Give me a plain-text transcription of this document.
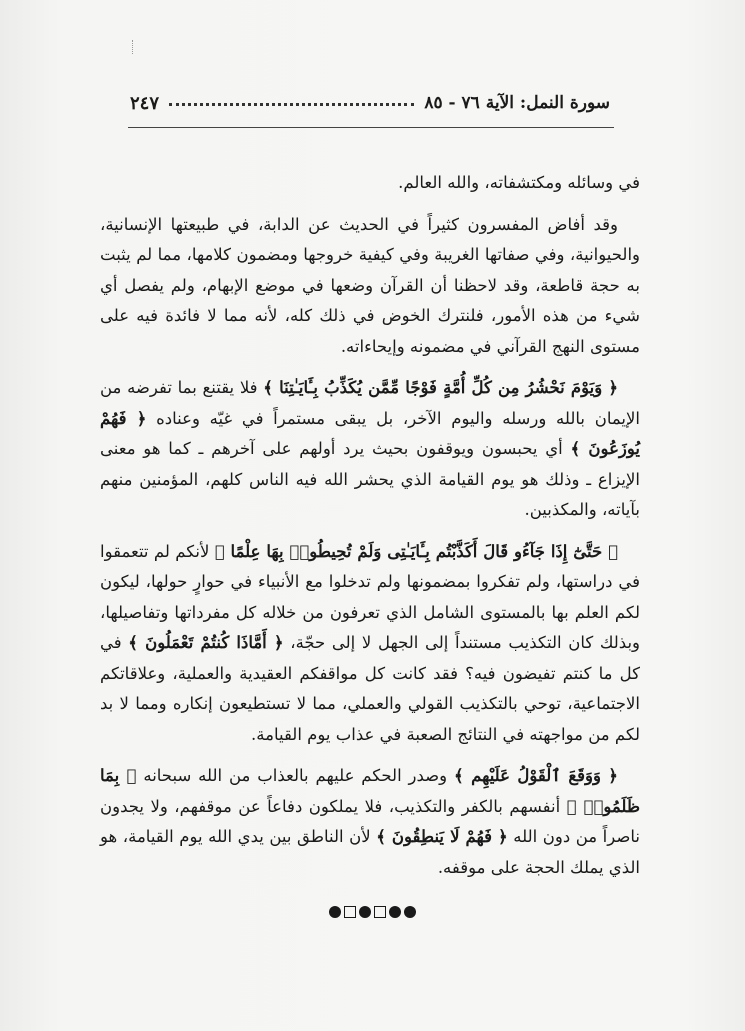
سورة النمل: الآية ٧٦ - ٨٥
٢٤٧

في وسائله ومكتشفاته، والله العالم.

وقد أفاض المفسرون كثيراً في الحديث عن الدابة، في طبيعتها الإنسانية، والحيوانية، وفي صفاتها الغريبة وفي كيفية خروجها ومضمون كلامها، مما لم يثبت به حجة قاطعة، وقد لاحظنا أن القرآن وضعها في موضع الإبهام، ولم يفصل أي شيء من هذه الأمور، فلنترك الخوض في ذلك كله، لأنه مما لا فائدة فيه على مستوى النهج القرآني في مضمونه وإيحاءاته.

﴿ وَيَوْمَ نَحْشُرُ مِن كُلِّ أُمَّةٍ فَوْجًا مِّمَّن يُكَذِّبُ بِـَٔايَـٰتِنَا ﴾ فلا يقتنع بما تفرضه من الإيمان بالله ورسله واليوم الآخر، بل يبقى مستمراً في غيّه وعناده ﴿ فَهُمْ يُوزَعُونَ ﴾ أي يحبسون ويوقفون بحيث يرد أولهم على آخرهم ـ كما هو معنى الإيزاع ـ وذلك هو يوم القيامة الذي يحشر الله فيه الناس كلهم، المؤمنين منهم بآياته، والمكذبين.

﴿ حَتَّىٰٓ إِذَا جَآءُو قَالَ أَكَذَّبْتُم بِـَٔايَـٰتِى وَلَمْ تُحِيطُوا۟ بِهَا عِلْمًا ﴾ لأنكم لم تتعمقوا في دراستها، ولم تفكروا بمضمونها ولم تدخلوا مع الأنبياء في حوارٍ حولها، ليكون لكم العلم بها بالمستوى الشامل الذي تعرفون من خلاله كل مفرداتها وتفاصيلها، وبذلك كان التكذيب مستنداً إلى الجهل لا إلى حجّة، ﴿ أَمَّاذَا كُنتُمْ تَعْمَلُونَ ﴾ في كل ما كنتم تفيضون فيه؟ فقد كانت كل مواقفكم العقيدية والعملية، وعلاقاتكم الاجتماعية، توحي بالتكذيب القولي والعملي، مما لا تستطيعون إنكاره ومما لا بد لكم من مواجهته في النتائج الصعبة في عذاب يوم القيامة.

﴿ وَوَقَعَ ٱلْقَوْلُ عَلَيْهِم ﴾ وصدر الحكم عليهم بالعذاب من الله سبحانه ﴿ بِمَا ظَلَمُوا۟ ﴾ أنفسهم بالكفر والتكذيب، فلا يملكون دفاعاً عن موقفهم، ولا يجدون ناصراً من دون الله ﴿ فَهُمْ لَا يَنطِقُونَ ﴾ لأن الناطق بين يدي الله يوم القيامة، هو الذي يملك الحجة على موقفه.
